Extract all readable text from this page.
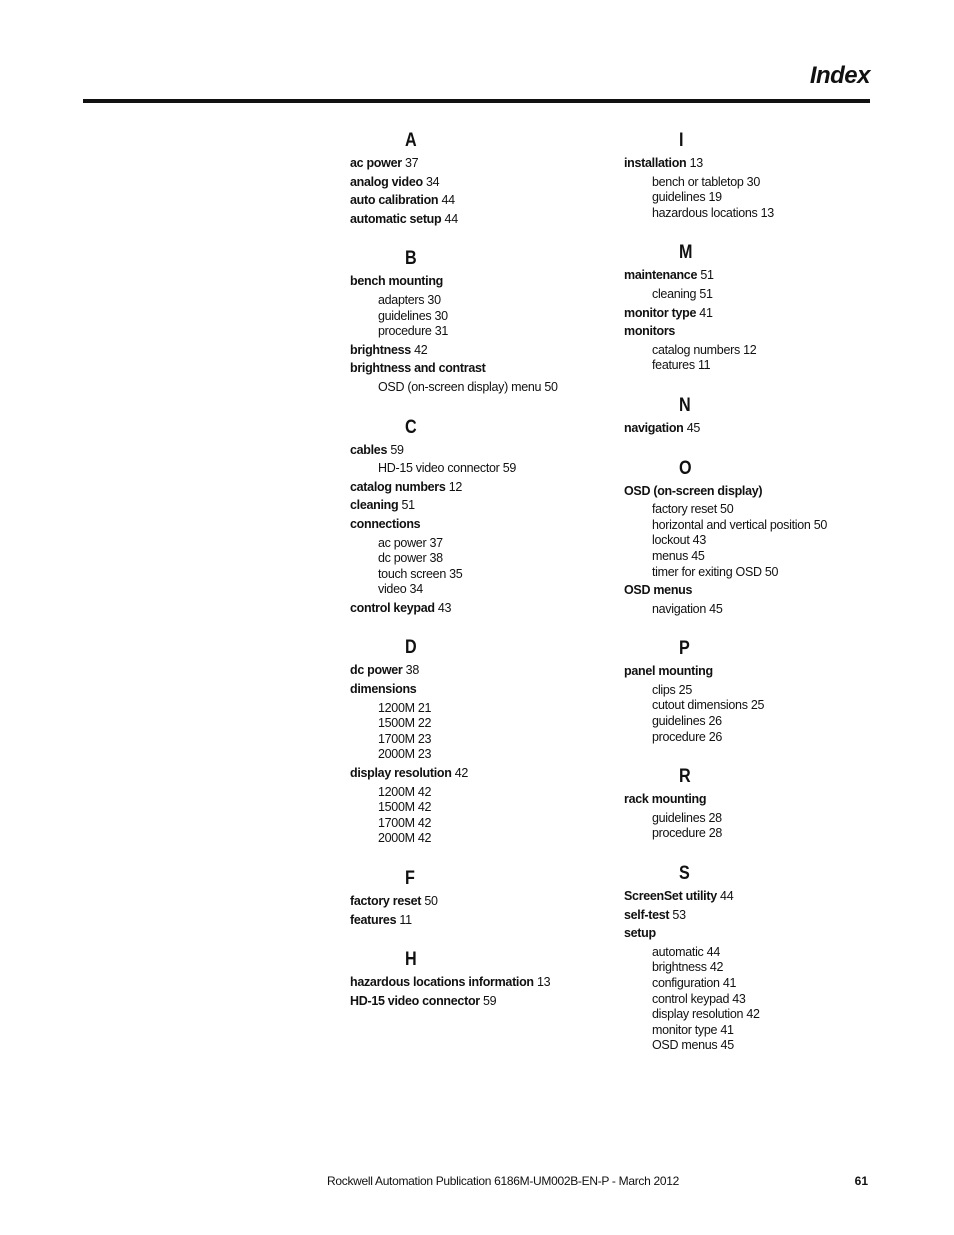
Index
A
ac power 37
analog video 34
auto calibration 44
automatic setup 44
B
bench mounting
adapters 30
guidelines 30
procedure 31
brightness 42
brightness and contrast
OSD (on-screen display) menu 50
C
cables 59
HD-15 video connector 59
catalog numbers 12
cleaning 51
connections
ac power 37
dc power 38
touch screen 35
video 34
control keypad 43
D
dc power 38
dimensions
1200M 21
1500M 22
1700M 23
2000M 23
display resolution 42
1200M 42
1500M 42
1700M 42
2000M 42
F
factory reset 50
features 11
H
hazardous locations information 13
HD-15 video connector 59
I
installation 13
bench or tabletop 30
guidelines 19
hazardous locations 13
M
maintenance 51
cleaning 51
monitor type 41
monitors
catalog numbers 12
features 11
N
navigation 45
O
OSD (on-screen display)
factory reset 50
horizontal and vertical position 50
lockout 43
menus 45
timer for exiting OSD 50
OSD menus
navigation 45
P
panel mounting
clips 25
cutout dimensions 25
guidelines 26
procedure 26
R
rack mounting
guidelines 28
procedure 28
S
ScreenSet utility 44
self-test 53
setup
automatic 44
brightness 42
configuration 41
control keypad 43
display resolution 42
monitor type 41
OSD menus 45
Rockwell Automation Publication 6186M-UM002B-EN-P - March 2012	61
